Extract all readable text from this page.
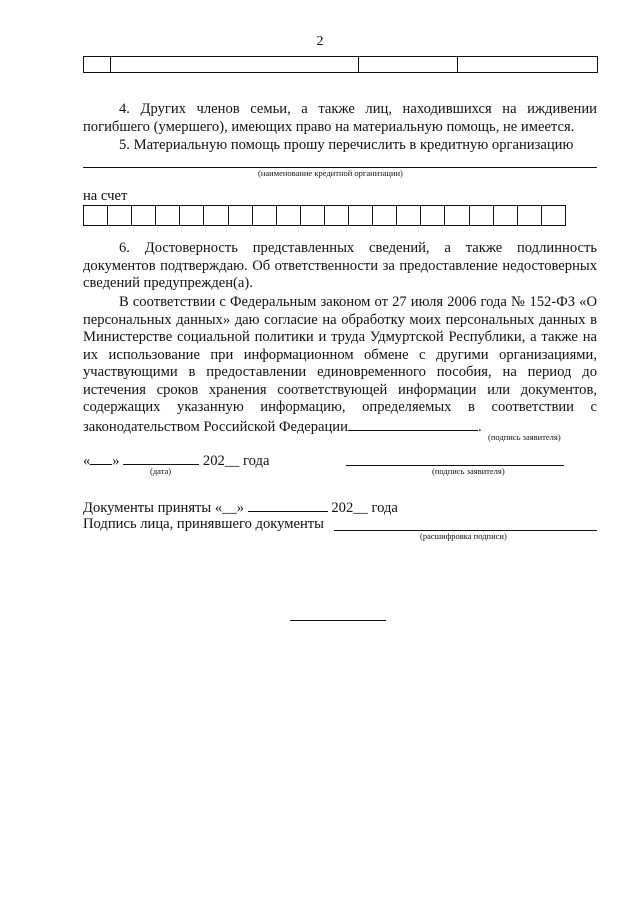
2

4. Других членов семьи, а также лиц, находившихся на иждивении погибшего (умершего), имеющих право на материальную помощь, не имеется.

5. Материальную помощь прошу перечислить в кредитную организацию

(наименование кредитной организации)
на счет

6. Достоверность представленных сведений, а также подлинность документов подтверждаю. Об ответственности за предоставление недостоверных сведений предупрежден(а).

В соответствии с Федеральным законом от 27 июля 2006 года № 152-ФЗ «О персональных данных» даю согласие на обработку моих персональных данных в Министерстве социальной политики и труда Удмуртской Республики, а также на их использование при информационном обмене с другими организациями, участвующими в предоставлении единовременного пособия, на период до истечения сроков хранения соответствующей информации или документов, содержащих указанную информацию, определяемых в соответствии с законодательством Российской Федерации	.

(подпись заявителя)
« »	202__ года
(дата)	(подпись заявителя)
Документы приняты «__»	202__ года
Подпись лица, принявшего документы
(расшифровка подписи)
